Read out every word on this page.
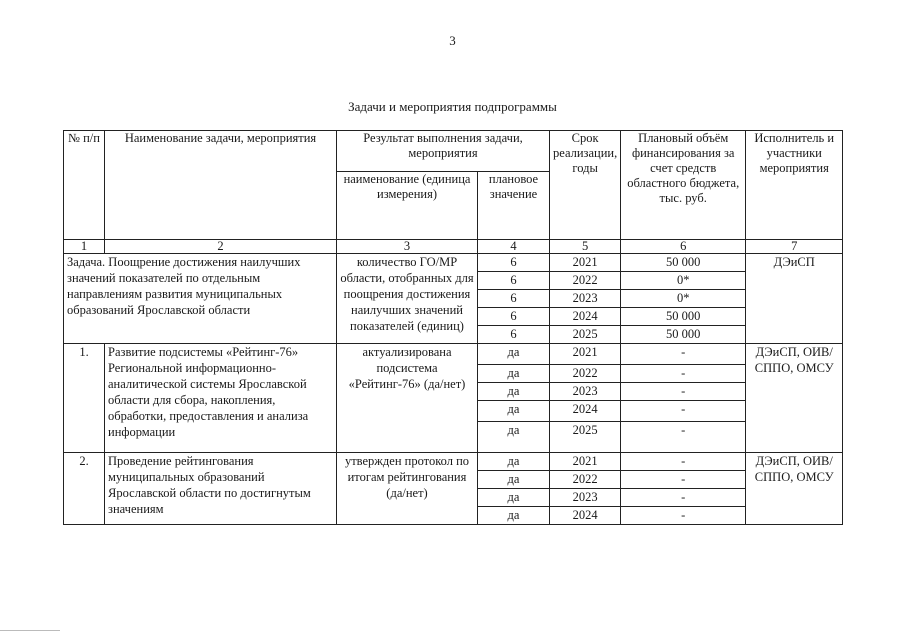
3
Задачи и мероприятия подпрограммы
№ п/п	Наименование задачи, мероприятия	Результат выполнения задачи, мероприятия		Срок реализации, годы	Плановый объём финансирования за счет средств областного бюджета, тыс. руб.	Исполнитель и участники мероприятия
		наименование (единица измерения)	плановое значение			
1	2	3	4	5	6	7
Задача. Поощрение достижения наилучших значений показателей по отдельным направлениям развития муниципальных образований Ярославской области		количество ГО/МР области, отобранных для поощрения достижения наилучших значений показателей (единиц)	6	2021	50 000	ДЭиСП
			6	2022	0*	
			6	2023	0*	
			6	2024	50 000	
			6	2025	50 000	
1.	Развитие подсистемы «Рейтинг-76» Региональной информационно-аналитической системы Ярославской области для сбора, накопления, обработки, предоставления и анализа информации	актуализирована подсистема «Рейтинг-76» (да/нет)	да	2021	-	ДЭиСП, ОИВ/СППО, ОМСУ
			да	2022	-	
			да	2023	-	
			да	2024	-	
			да	2025	-	
2.	Проведение рейтингования муниципальных образований Ярославской области по достигнутым значениям	утвержден протокол по итогам рейтингования (да/нет)	да	2021	-	ДЭиСП, ОИВ/СППО, ОМСУ
			да	2022	-	
			да	2023	-	
			да	2024	-	
